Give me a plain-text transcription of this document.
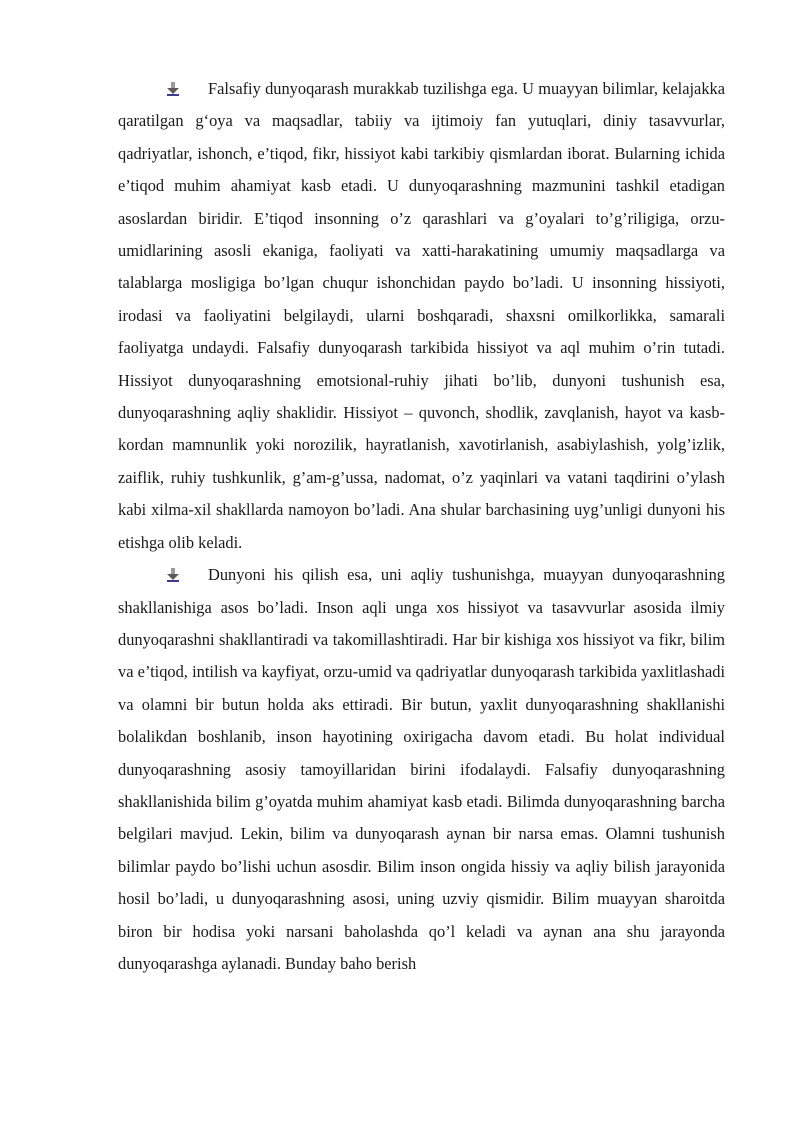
Falsafiy dunyoqarash murakkab tuzilishga ega. U muayyan bilimlar, kelajakka qaratilgan gʻoya va maqsadlar, tabiiy va ijtimoiy fan yutuqlari, diniy tasavvurlar, qadriyatlar, ishonch, e’tiqod, fikr, hissiyot kabi tarkibiy qismlardan iborat. Bularning ichida e’tiqod muhim ahamiyat kasb etadi. U dunyoqarashning mazmunini tashkil etadigan asoslardan biridir. E’tiqod insonning o’z qarashlari va g’oyalari to’g’riligiga, orzu-umidlarining asosli ekaniga, faoliyati va xatti-harakatining umumiy maqsadlarga va talablarga mosligiga bo’lgan chuqur ishonchidan paydo bo’ladi. U insonning hissiyoti, irodasi va faoliyatini belgilaydi, ularni boshqaradi, shaxsni omilkorlikka, samarali faoliyatga undaydi. Falsafiy dunyoqarash tarkibida hissiyot va aql muhim o’rin tutadi. Hissiyot dunyoqarashning emotsional-ruhiy jihati bo’lib, dunyoni tushunish esa, dunyoqarashning aqliy shaklidir. Hissiyot – quvonch, shodlik, zavqlanish, hayot va kasb-kordan mamnunlik yoki norozilik, hayratlanish, xavotirlanish, asabiylashish, yolg’izlik, zaiflik, ruhiy tushkunlik, g’am-g’ussa, nadomat, o’z yaqinlari va vatani taqdirini o’ylash kabi xilma-xil shakllarda namoyon bo’ladi. Ana shular barchasining uyg’unligi dunyoni his etishga olib keladi.

Dunyoni his qilish esa, uni aqliy tushunishga, muayyan dunyoqarashning shakllanishiga asos bo’ladi. Inson aqli unga xos hissiyot va tasavvurlar asosida ilmiy dunyoqarashni shakllantiradi va takomillashtiradi. Har bir kishiga xos hissiyot va fikr, bilim va e’tiqod, intilish va kayfiyat, orzu-umid va qadriyatlar dunyoqarash tarkibida yaxlitlashadi va olamni bir butun holda aks ettiradi. Bir butun, yaxlit dunyoqarashning shakllanishi bolalikdan boshlanib, inson hayotining oxirigacha davom etadi. Bu holat individual dunyoqarashning asosiy tamoyillaridan birini ifodalaydi. Falsafiy dunyoqarashning shakllanishida bilim g’oyatda muhim ahamiyat kasb etadi. Bilimda dunyoqarashning barcha belgilari mavjud. Lekin, bilim va dunyoqarash aynan bir narsa emas. Olamni tushunish bilimlar paydo bo’lishi uchun asosdir. Bilim inson ongida hissiy va aqliy bilish jarayonida hosil bo’ladi, u dunyoqarashning asosi, uning uzviy qismidir. Bilim muayyan sharoitda biron bir hodisa yoki narsani baholashda qo’l keladi va aynan ana shu jarayonda dunyoqarashga aylanadi. Bunday baho berish
